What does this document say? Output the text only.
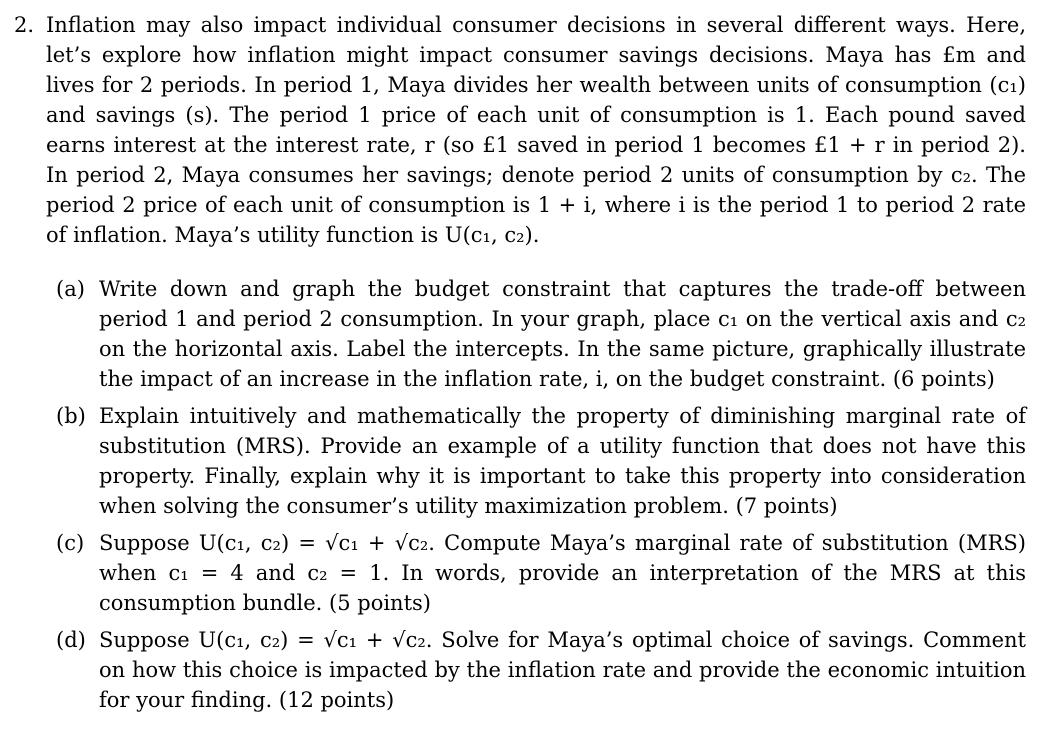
2. Inflation may also impact individual consumer decisions in several different ways. Here, let’s explore how inflation might impact consumer savings decisions. Maya has £m and lives for 2 periods. In period 1, Maya divides her wealth between units of consumption (c₁) and savings (s). The period 1 price of each unit of consumption is 1. Each pound saved earns interest at the interest rate, r (so £1 saved in period 1 becomes £1 + r in period 2). In period 2, Maya consumes her savings; denote period 2 units of consumption by c₂. The period 2 price of each unit of consumption is 1 + i, where i is the period 1 to period 2 rate of inflation. Maya’s utility function is U(c₁, c₂).
(a) Write down and graph the budget constraint that captures the trade-off between period 1 and period 2 consumption. In your graph, place c₁ on the vertical axis and c₂ on the horizontal axis. Label the intercepts. In the same picture, graphically illustrate the impact of an increase in the inflation rate, i, on the budget constraint. (6 points)
(b) Explain intuitively and mathematically the property of diminishing marginal rate of substitution (MRS). Provide an example of a utility function that does not have this property. Finally, explain why it is important to take this property into consideration when solving the consumer’s utility maximization problem. (7 points)
(c) Suppose U(c₁, c₂) = √c₁ + √c₂. Compute Maya’s marginal rate of substitution (MRS) when c₁ = 4 and c₂ = 1. In words, provide an interpretation of the MRS at this consumption bundle. (5 points)
(d) Suppose U(c₁, c₂) = √c₁ + √c₂. Solve for Maya’s optimal choice of savings. Comment on how this choice is impacted by the inflation rate and provide the economic intuition for your finding. (12 points)
